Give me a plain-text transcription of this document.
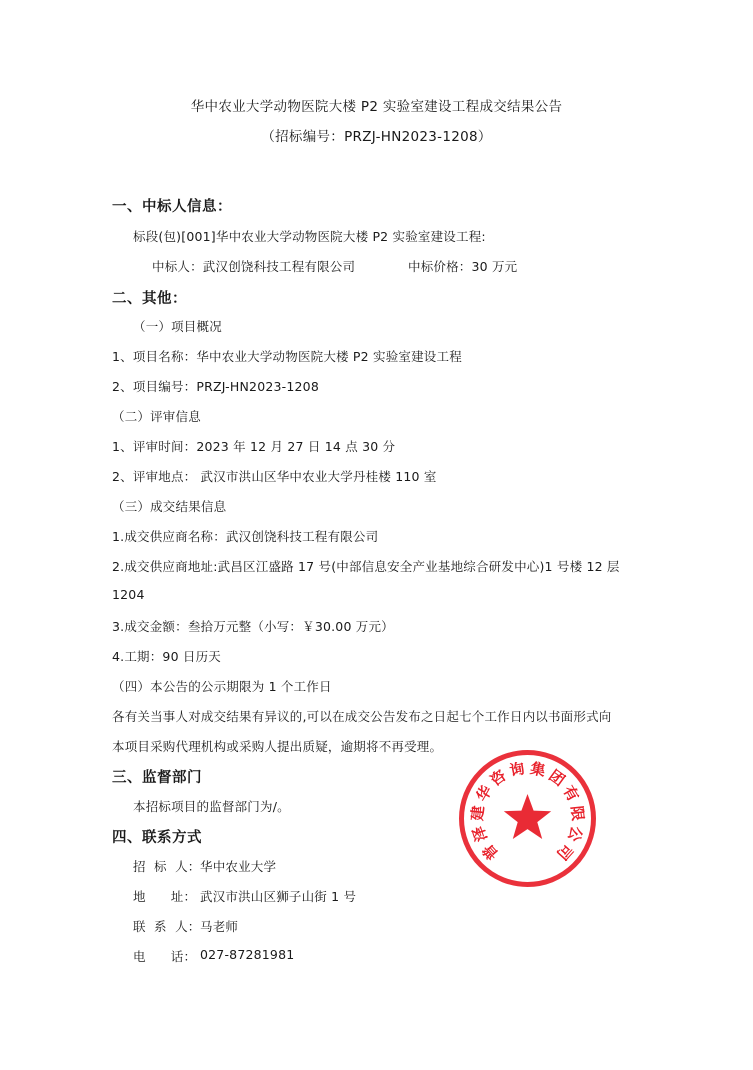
华中农业大学动物医院大楼 P2 实验室建设工程成交结果公告
（招标编号：PRZJ-HN2023-1208）
一、中标人信息：
标段(包)[001]华中农业大学动物医院大楼 P2 实验室建设工程:
中标人：武汉创饶科技工程有限公司	中标价格：30 万元
二、其他：
（一）项目概况
1、项目名称：华中农业大学动物医院大楼 P2 实验室建设工程
2、项目编号：PRZJ-HN2023-1208
（二）评审信息
1、评审时间：2023 年 12 月 27 日 14 点 30 分
2、评审地点： 武汉市洪山区华中农业大学丹桂楼 110 室
（三）成交结果信息
1.成交供应商名称：武汉创饶科技工程有限公司
2.成交供应商地址:武昌区江盛路 17 号(中部信息安全产业基地综合研发中心)1 号楼 12 层
1204
3.成交金额：叁拾万元整（小写：￥30.00 万元）
4.工期：90 日历天
（四）本公告的公示期限为 1 个工作日
各有关当事人对成交结果有异议的,可以在成交公告发布之日起七个工作日内以书面形式向
本项目采购代理机构或采购人提出质疑，逾期将不再受理。
三、监督部门
本招标项目的监督部门为/。
四、联系方式
招  标  人： 华中农业大学
地      址： 武汉市洪山区狮子山街 1 号
联  系  人： 马老师
电      话： 027-87281981
普
泽
建
华
咨
询 集
团
有
限
公
司
